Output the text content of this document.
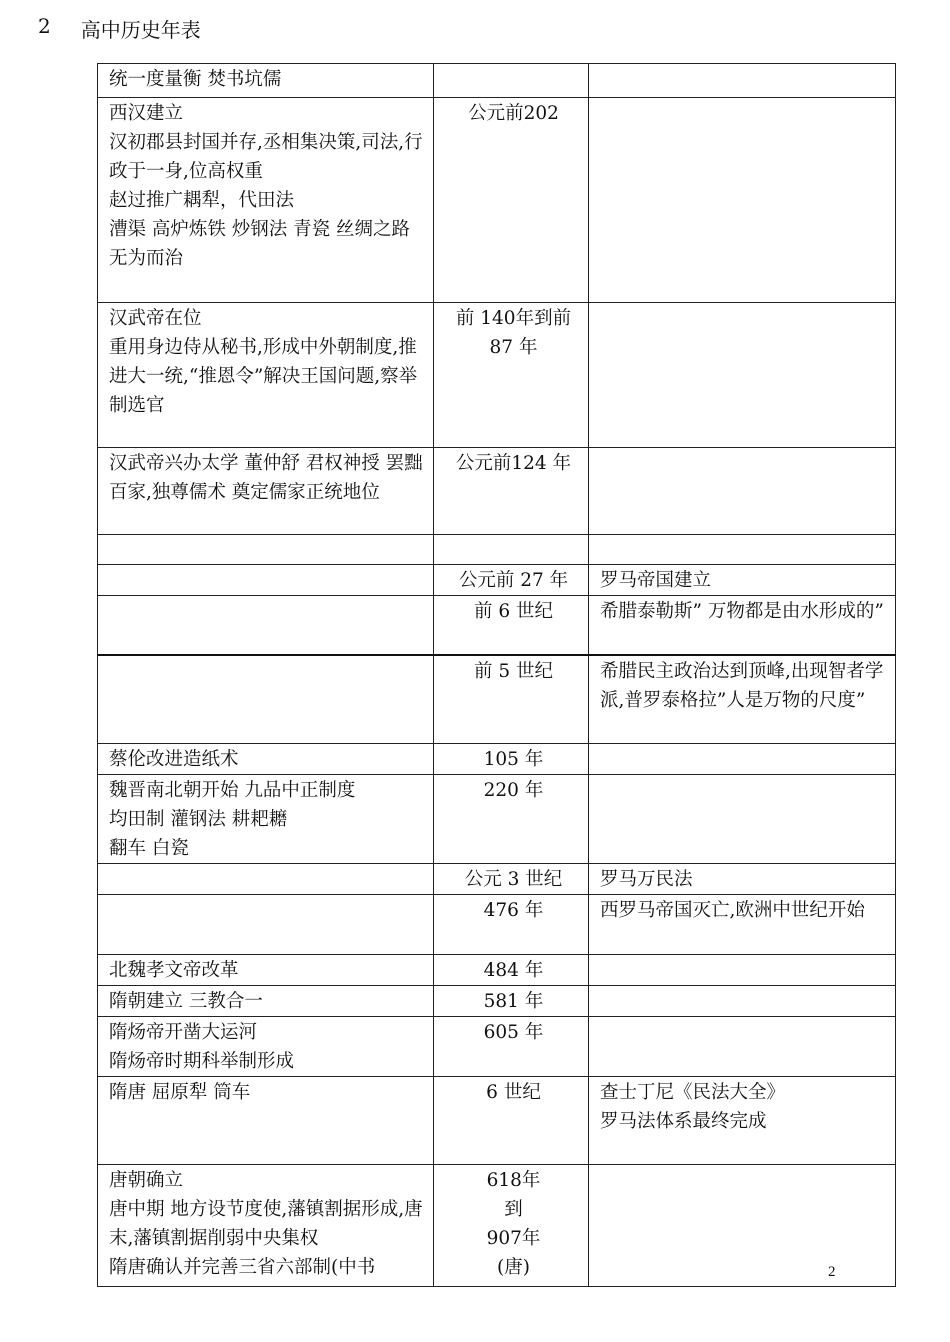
2 高中历史年表
统一度量衡 焚书坑儒		

西汉建立
汉初郡县封国并存,丞相集决策,司法,行政于一身,位高权重
赵过推广耦犁，代田法
漕渠 高炉炼铁 炒钢法 青瓷 丝绸之路
无为而治	公元前202	

汉武帝在位
重用身边侍从秘书,形成中外朝制度,推进大一统,“推恩令”解决王国问题,察举制选官	前 140年到前 87 年	

汉武帝兴办太学 董仲舒 君权神授 罢黜百家,独尊儒术 奠定儒家正统地位	公元前124 年	

	公元前 27 年	罗马帝国建立

	前 6 世纪	希腊泰勒斯” 万物都是由水形成的”

	前 5 世纪	希腊民主政治达到顶峰,出现智者学派,普罗泰格拉”人是万物的尺度”

蔡伦改进造纸术	105 年	

魏晋南北朝开始 九品中正制度
均田制 灌钢法 耕耙耱
翻车 白瓷	220 年	

	公元 3 世纪	罗马万民法

	476 年	西罗马帝国灭亡,欧洲中世纪开始

北魏孝文帝改革	484 年	

隋朝建立 三教合一	581 年	

隋炀帝开凿大运河
隋炀帝时期科举制形成	605 年	

隋唐 屈原犁 筒车	6 世纪	查士丁尼《民法大全》
罗马法体系最终完成

唐朝确立
唐中期 地方设节度使,藩镇割据形成,唐末,藩镇割据削弱中央集权
隋唐确认并完善三省六部制(中书	618年
到
907年
(唐)	
		2
